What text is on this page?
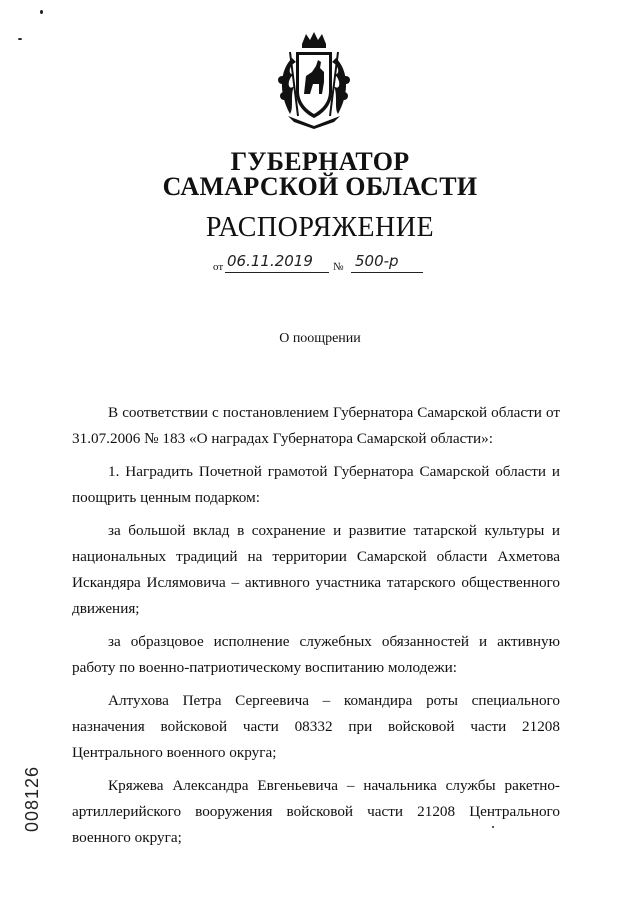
ГУБЕРНАТОР
САМАРСКОЙ ОБЛАСТИ
РАСПОРЯЖЕНИЕ
от 06.11.2019	№ 500-р
О поощрении

В соответствии с постановлением Губернатора Самарской области от 31.07.2006 № 183 «О наградах Губернатора Самарской области»:

1. Наградить Почетной грамотой Губернатора Самарской области и поощрить ценным подарком:

за большой вклад в сохранение и развитие татарской культуры и национальных традиций на территории Самарской области Ахметова Искандяра Ислямовича – активного участника татарского общественного движения;

за образцовое исполнение служебных обязанностей и активную работу по военно-патриотическому воспитанию молодежи:

Алтухова Петра Сергеевича – командира роты специального назначения войсковой части 08332 при войсковой части 21208 Центрального военного округа;

Кряжева Александра Евгеньевича – начальника службы ракетно-артиллерийского вооружения войсковой части 21208 Центрального военного округа;

008126
